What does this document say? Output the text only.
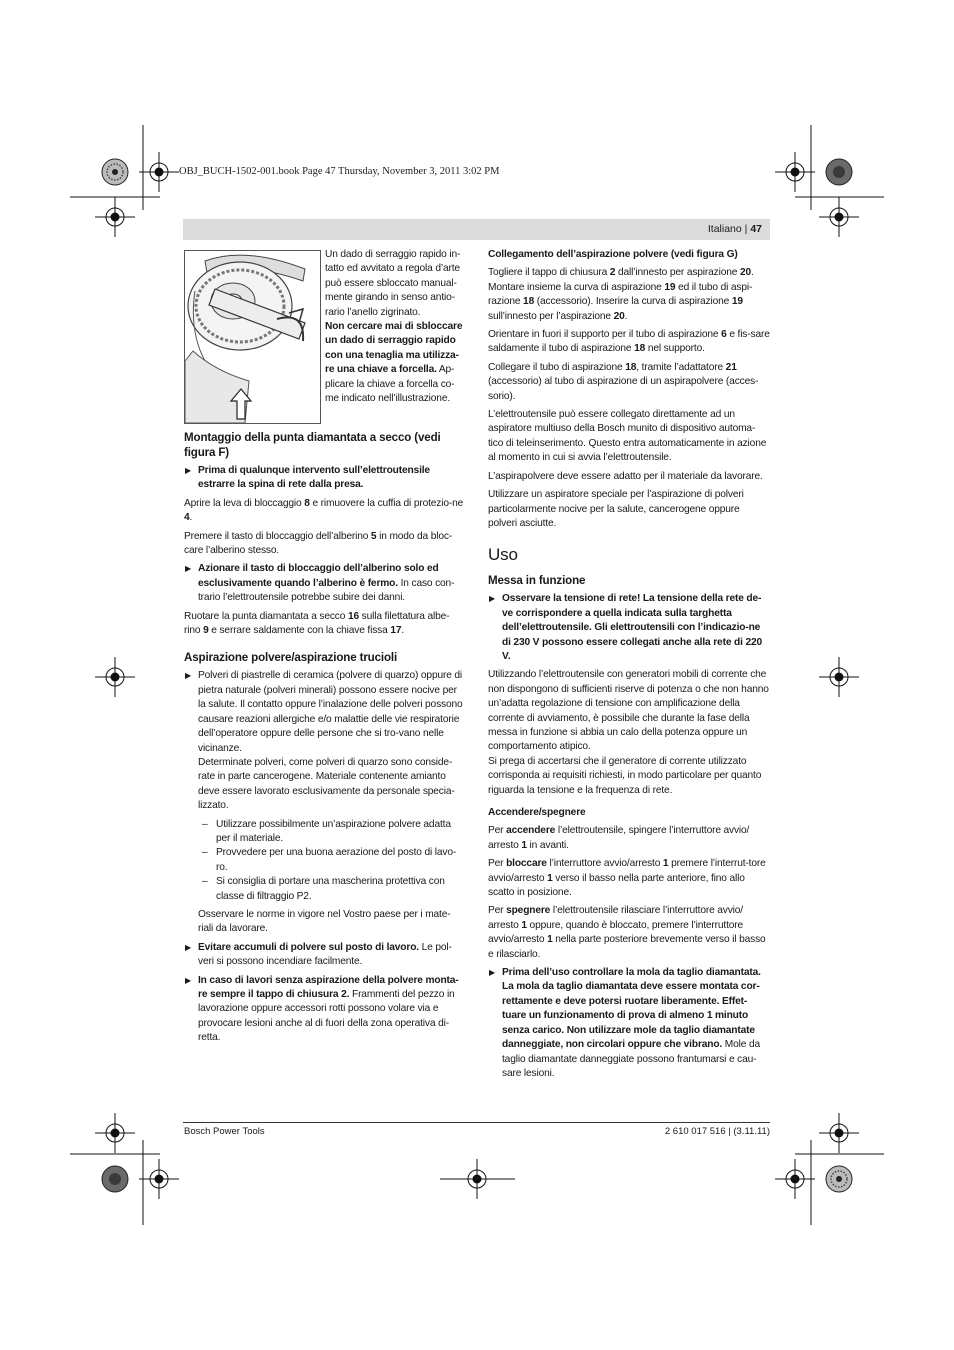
OBJ_BUCH-1502-001.book Page 47 Thursday, November 3, 2011 3:02 PM
Italiano | 47

Un dado di serraggio rapido in-tatto ed avvitato a regola d’arte può essere sbloccato manual-mente girando in senso antio-rario l’anello zigrinato.

Non cercare mai di sbloccare un dado di serraggio rapido con una tenaglia ma utilizza-re una chiave a forcella. Ap-plicare la chiave a forcella co-me indicato nell’illustrazione.

Montaggio della punta diamantata a secco (vedi figura F)
▶ Prima di qualunque intervento sull’elettroutensile estrarre la spina di rete dalla presa.

Aprire la leva di bloccaggio 8 e rimuovere la cuffia di protezio-ne 4.

Premere il tasto di bloccaggio dell’alberino 5 in modo da bloc-care l’alberino stesso.

▶ Azionare il tasto di bloccaggio dell’alberino solo ed esclusivamente quando l’alberino è fermo. In caso con-trario l’elettroutensile potrebbe subire dei danni.

Ruotare la punta diamantata a secco 16 sulla filettatura albe-rino 9 e serrare saldamente con la chiave fissa 17.

Aspirazione polvere/aspirazione trucioli
▶ Polveri di piastrelle di ceramica (polvere di quarzo) oppure di pietra naturale (polveri minerali) possono essere nocive per la salute. Il contatto oppure l’inalazione delle polveri possono causare reazioni allergiche e/o malattie delle vie respiratorie dell’operatore oppure delle persone che si tro-vano nelle vicinanze.

Determinate polveri, come polveri di quarzo sono conside-rate in parte cancerogene. Materiale contenente amianto deve essere lavorato esclusivamente da personale specia-lizzato.

– Utilizzare possibilmente un’aspirazione polvere adatta per il materiale.
– Provvedere per una buona aerazione del posto di lavo-ro.
– Si consiglia di portare una mascherina protettiva con classe di filtraggio P2.

Osservare le norme in vigore nel Vostro paese per i mate-riali da lavorare.

▶ Evitare accumuli di polvere sul posto di lavoro. Le pol-veri si possono incendiare facilmente.
▶ In caso di lavori senza aspirazione della polvere monta-re sempre il tappo di chiusura 2. Frammenti del pezzo in lavorazione oppure accessori rotti possono volare via e provocare lesioni anche al di fuori della zona operativa di-retta.
Collegamento dell’aspirazione polvere (vedi figura G)

Togliere il tappo di chiusura 2 dall’innesto per aspirazione 20. Montare insieme la curva di aspirazione 19 ed il tubo di aspi-razione 18 (accessorio). Inserire la curva di aspirazione 19 sull’innesto per l’aspirazione 20.

Orientare in fuori il supporto per il tubo di aspirazione 6 e fis-sare saldamente il tubo di aspirazione 18 nel supporto.

Collegare il tubo di aspirazione 18, tramite l’adattatore 21 (accessorio) al tubo di aspirazione di un aspirapolvere (acces-sorio).

L’elettroutensile può essere collegato direttamente ad un aspiratore multiuso della Bosch munito di dispositivo automa-tico di teleinserimento. Questo entra automaticamente in azione al momento in cui si avvia l’elettroutensile.

L’aspirapolvere deve essere adatto per il materiale da lavorare.

Utilizzare un aspiratore speciale per l’aspirazione di polveri particolarmente nocive per la salute, cancerogene oppure polveri asciutte.

Uso
Messa in funzione
▶ Osservare la tensione di rete! La tensione della rete de-ve corrispondere a quella indicata sulla targhetta dell’elettroutensile. Gli elettroutensili con l’indicazio-ne di 230 V possono essere collegati anche alla rete di 220 V.

Utilizzando l’elettroutensile con generatori mobili di corrente che non dispongono di sufficienti riserve di potenza o che non hanno un’adatta regolazione di tensione con amplificazione della corrente di avviamento, è possibile che durante la fase della messa in funzione si abbia un calo della potenza oppure un comportamento atipico.

Si prega di accertarsi che il generatore di corrente utilizzato corrisponda ai requisiti richiesti, in modo particolare per quanto riguarda la tensione e la frequenza di rete.

Accendere/spegnere

Per accendere l’elettroutensile, spingere l’interruttore avvio/ arresto 1 in avanti.

Per bloccare l’interruttore avvio/arresto 1 premere l’interrut-tore avvio/arresto 1 verso il basso nella parte anteriore, fino allo scatto in posizione.

Per spegnere l’elettroutensile rilasciare l’interruttore avvio/ arresto 1 oppure, quando è bloccato, premere l’interruttore avvio/arresto 1 nella parte posteriore brevemente verso il basso e rilasciarlo.

▶ Prima dell’uso controllare la mola da taglio diamantata. La mola da taglio diamantata deve essere montata cor-rettamente e deve potersi ruotare liberamente. Effet-tuare un funzionamento di prova di almeno 1 minuto senza carico. Non utilizzare mole da taglio diamantate danneggiate, non circolari oppure che vibrano. Mole da taglio diamantate danneggiate possono frantumarsi e cau-sare lesioni.
Bosch Power Tools	2 610 017 516 | (3.11.11)
